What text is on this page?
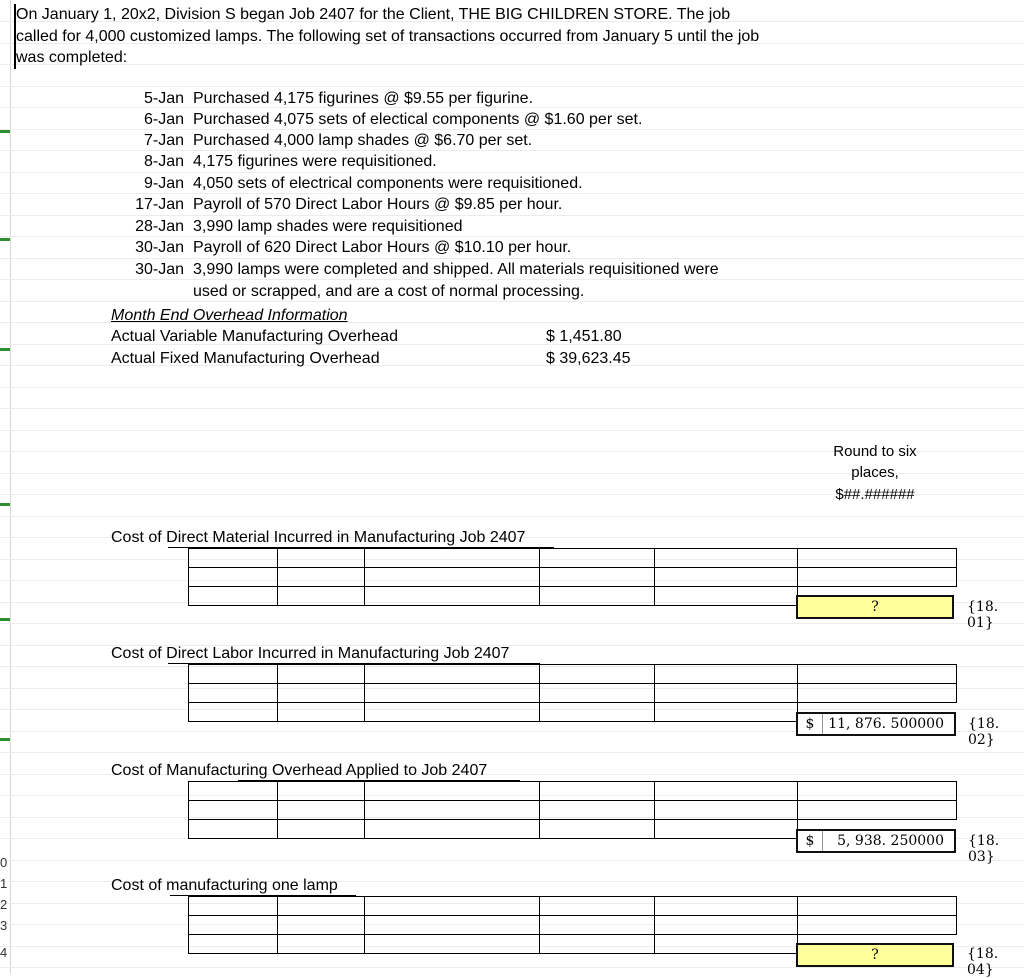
0
1
2
3
4
On January 1, 20x2, Division S began Job 2407 for the Client, THE BIG CHILDREN STORE. The job called for 4,000 customized lamps. The following set of transactions occurred from January 5 until the job was completed:
5-Jan Purchased 4,175 figurines @ $9.55 per figurine.
6-Jan Purchased 4,075 sets of electical components @ $1.60 per set.
7-Jan Purchased 4,000 lamp shades @ $6.70 per set.
8-Jan 4,175 figurines were requisitioned.
9-Jan 4,050 sets of electrical components were requisitioned.
17-Jan Payroll of 570 Direct Labor Hours @ $9.85 per hour.
28-Jan 3,990 lamp shades were requisitioned
30-Jan Payroll of 620 Direct Labor Hours @ $10.10 per hour.
30-Jan 3,990 lamps were completed and shipped. All materials requisitioned were
used or scrapped, and are a cost of normal processing.
Month End Overhead Information
Actual Variable Manufacturing Overhead	$ 1,451.80
Actual Fixed Manufacturing Overhead	$ 39,623.45
Round to six
places,
$##.######
Cost of Direct Material Incurred in Manufacturing Job 2407

?	{18. 01}
Cost of Direct Labor Incurred in Manufacturing Job 2407

$ 11, 876. 500000	{18. 02}
Cost of Manufacturing Overhead Applied to Job 2407

$	5, 938. 250000	{18. 03}
Cost of manufacturing one lamp

?	{18. 04}
